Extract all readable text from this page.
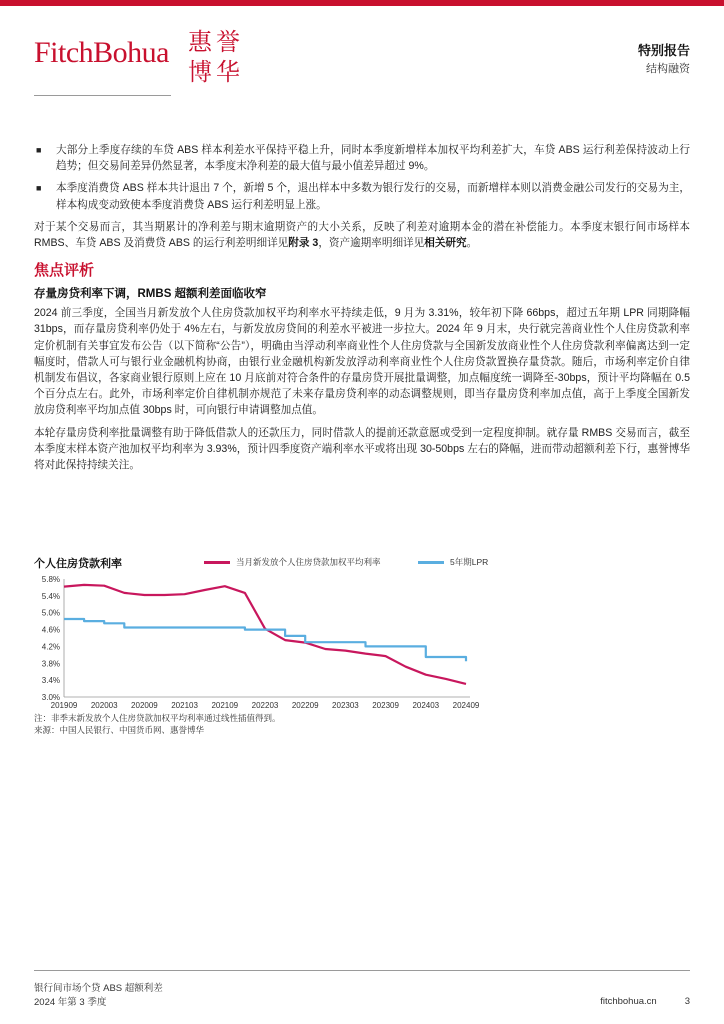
FitchBohua 惠 誉
博 华
特别报告
结构融资
■ 大部分上季度存续的车贷 ABS 样本利差水平保持平稳上升，同时本季度新增样本加权平均利差扩大，车贷 ABS 运行利差保持波动上行趋势；但交易间差异仍然显著，本季度末净利差的最大值与最小值差异超过 9%。
■ 本季度消费贷 ABS 样本共计退出 7 个，新增 5 个，退出样本中多数为银行发行的交易，而新增样本则以消费金融公司发行的交易为主，样本构成变动致使本季度消费贷 ABS 运行利差明显上涨。

对于某个交易而言，其当期累计的净利差与期末逾期资产的大小关系，反映了利差对逾期本金的潜在补偿能力。本季度末银行间市场样本 RMBS、车贷 ABS 及消费贷 ABS 的运行利差明细详见附录 3，资产逾期率明细详见相关研究。

焦点评析
存量房贷利率下调，RMBS 超额利差面临收窄

2024 前三季度，全国当月新发放个人住房贷款加权平均利率水平持续走低，9 月为 3.31%，较年初下降 66bps，超过五年期 LPR 同期降幅 31bps，而存量房贷利率仍处于 4%左右，与新发放房贷间的利差水平被进一步拉大。2024 年 9 月末，央行就完善商业性个人住房贷款利率定价机制有关事宜发布公告（以下简称“公告”），明确由当浮动利率商业性个人住房贷款与全国新发放商业性个人住房贷款利率偏离达到一定幅度时，借款人可与银行业金融机构协商，由银行业金融机构新发放浮动利率商业性个人住房贷款置换存量贷款。随后，市场利率定价自律机制发布倡议，各家商业银行原则上应在 10 月底前对符合条件的存量房贷开展批量调整，加点幅度统一调降至-30bps，预计平均降幅在 0.5 个百分点左右。此外，市场利率定价自律机制亦规范了未来存量房贷利率的动态调整规则，即当存量房贷利率加点值，高于上季度全国新发放房贷利率平均加点值 30bps 时，可向银行申请调整加点值。

本轮存量房贷利率批量调整有助于降低借款人的还款压力，同时借款人的提前还款意愿或受到一定程度抑制。就存量 RMBS 交易而言，截至本季度末样本资产池加权平均利率为 3.93%，预计四季度资产端利率水平或将出现 30-50bps 左右的降幅，进而带动超额利差下行，惠誉博华将对此保持持续关注。

个人住房贷款利率	当月新发放个人住房贷款加权平均利率	5年期LPR
3.0%
3.4%
3.8%
4.2%
4.6%
5.0%
5.4%
5.8%
201909 202003 202009 202103 202109 202203 202209 202303 202309 202403 202409
注：非季末新发放个人住房贷款加权平均利率通过线性插值得到。
来源：中国人民银行、中国货币网、惠誉博华
银行间市场个贷 ABS 超额利差
2024 年第 3 季度	fitchbohua.cn	3
